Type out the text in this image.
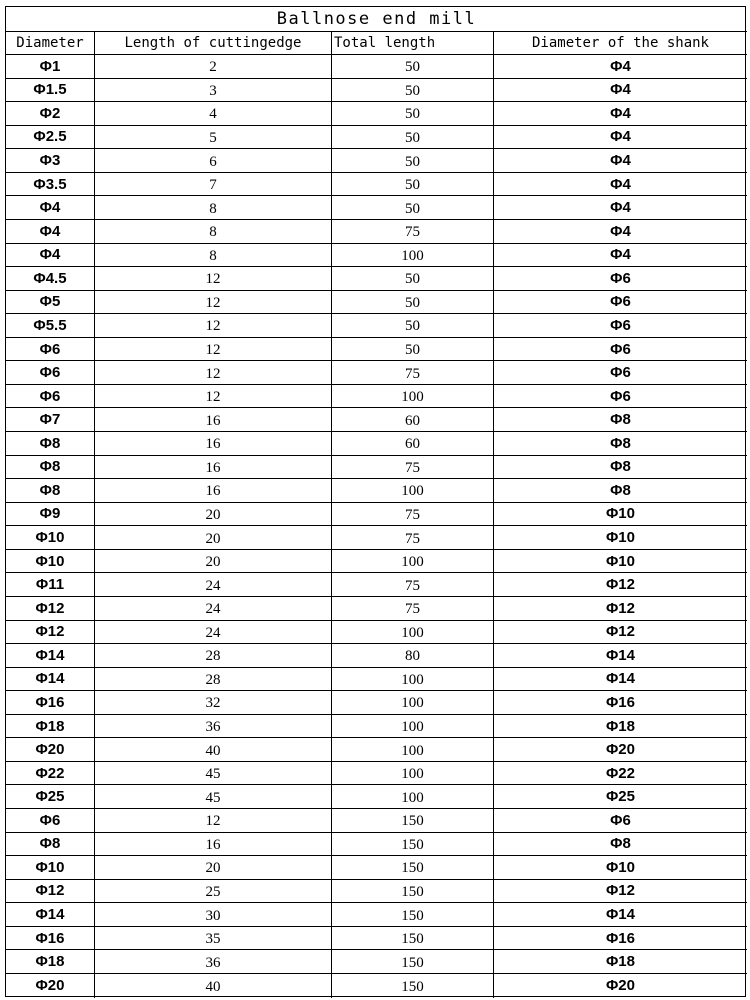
Ballnose end mill
Diameter	Length of cuttingedge	Total length	Diameter of the shank
Φ1	2	50	Φ4
Φ1.5	3	50	Φ4
Φ2	4	50	Φ4
Φ2.5	5	50	Φ4
Φ3	6	50	Φ4
Φ3.5	7	50	Φ4
Φ4	8	50	Φ4
Φ4	8	75	Φ4
Φ4	8	100	Φ4
Φ4.5	12	50	Φ6
Φ5	12	50	Φ6
Φ5.5	12	50	Φ6
Φ6	12	50	Φ6
Φ6	12	75	Φ6
Φ6	12	100	Φ6
Φ7	16	60	Φ8
Φ8	16	60	Φ8
Φ8	16	75	Φ8
Φ8	16	100	Φ8
Φ9	20	75	Φ10
Φ10	20	75	Φ10
Φ10	20	100	Φ10
Φ11	24	75	Φ12
Φ12	24	75	Φ12
Φ12	24	100	Φ12
Φ14	28	80	Φ14
Φ14	28	100	Φ14
Φ16	32	100	Φ16
Φ18	36	100	Φ18
Φ20	40	100	Φ20
Φ22	45	100	Φ22
Φ25	45	100	Φ25
Φ6	12	150	Φ6
Φ8	16	150	Φ8
Φ10	20	150	Φ10
Φ12	25	150	Φ12
Φ14	30	150	Φ14
Φ16	35	150	Φ16
Φ18	36	150	Φ18
Φ20	40	150	Φ20
